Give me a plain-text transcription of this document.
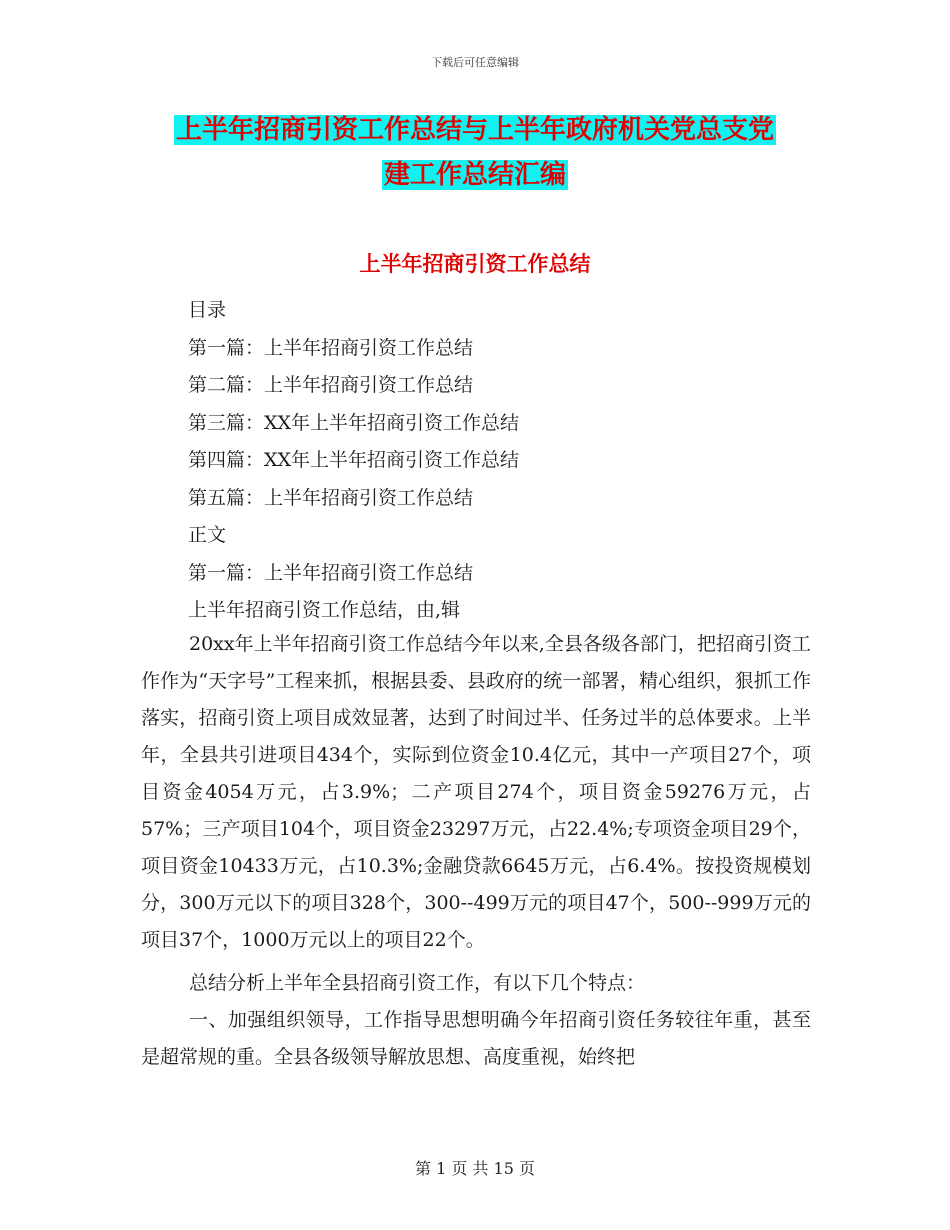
下载后可任意编辑
上半年招商引资工作总结与上半年政府机关党总支党
建工作总结汇编
上半年招商引资工作总结

目录

第一篇：上半年招商引资工作总结

第二篇：上半年招商引资工作总结

第三篇：XX年上半年招商引资工作总结

第四篇：XX年上半年招商引资工作总结

第五篇：上半年招商引资工作总结

正文

第一篇：上半年招商引资工作总结

上半年招商引资工作总结，由,辑

20xx年上半年招商引资工作总结今年以来,全县各级各部门，把招商引资工作作为“天字号”工程来抓，根据县委、县政府的统一部署，精心组织，狠抓工作落实，招商引资上项目成效显著，达到了时间过半、任务过半的总体要求。上半年，全县共引进项目434个，实际到位资金10.4亿元，其中一产项目27个，项目资金4054万元，占3.9%；二产项目274个，项目资金59276万元，占57%；三产项目104个，项目资金23297万元，占22.4%;专项资金项目29个，项目资金10433万元，占10.3%;金融贷款6645万元，占6.4%。按投资规模划分，300万元以下的项目328个，300--499万元的项目47个，500--999万元的项目37个，1000万元以上的项目22个。

总结分析上半年全县招商引资工作，有以下几个特点：

一、加强组织领导，工作指导思想明确今年招商引资任务较往年重，甚至是超常规的重。全县各级领导解放思想、高度重视，始终把

第 1 页 共 15 页
